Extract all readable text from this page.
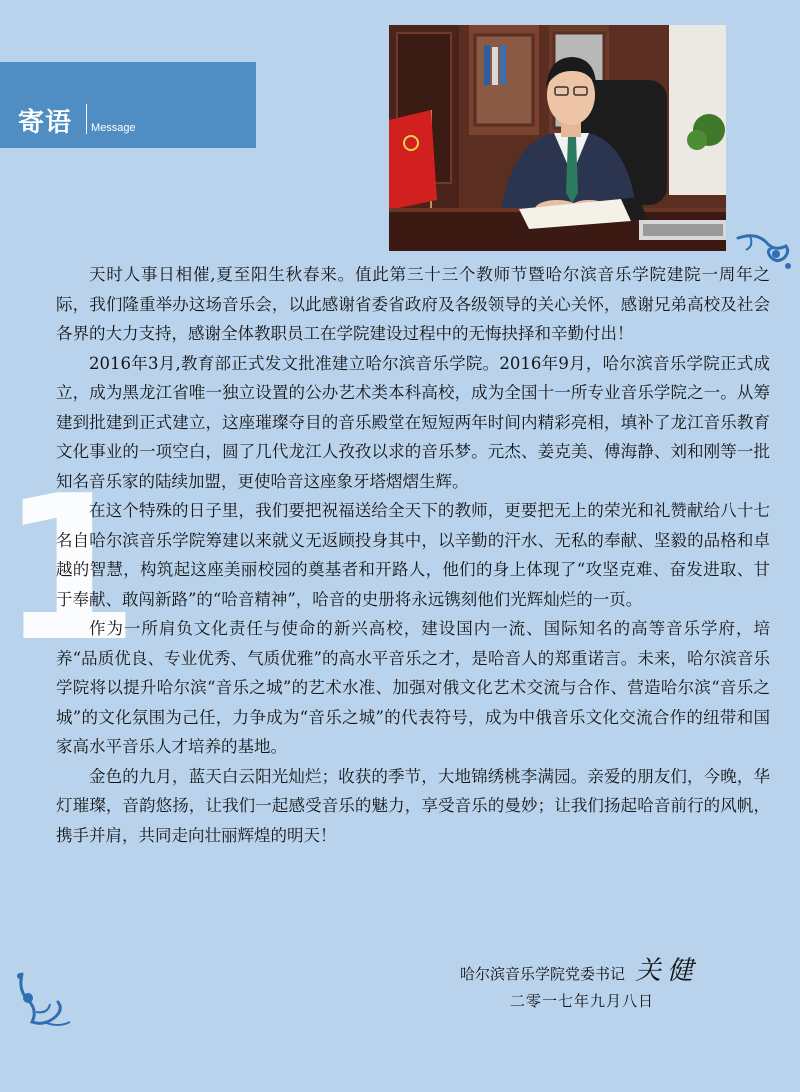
寄语 Message
1

天时人事日相催,夏至阳生秋春来。值此第三十三个教师节暨哈尔滨音乐学院建院一周年之际，我们隆重举办这场音乐会，以此感谢省委省政府及各级领导的关心关怀，感谢兄弟高校及社会各界的大力支持，感谢全体教职员工在学院建设过程中的无悔抉择和辛勤付出！

2016年3月,教育部正式发文批准建立哈尔滨音乐学院。2016年9月，哈尔滨音乐学院正式成立，成为黑龙江省唯一独立设置的公办艺术类本科高校，成为全国十一所专业音乐学院之一。从筹建到批建到正式建立，这座璀璨夺目的音乐殿堂在短短两年时间内精彩亮相，填补了龙江音乐教育文化事业的一项空白，圆了几代龙江人孜孜以求的音乐梦。元杰、姜克美、傅海静、刘和刚等一批知名音乐家的陆续加盟，更使哈音这座象牙塔熠熠生辉。

在这个特殊的日子里，我们要把祝福送给全天下的教师，更要把无上的荣光和礼赞献给八十七名自哈尔滨音乐学院筹建以来就义无返顾投身其中，以辛勤的汗水、无私的奉献、坚毅的品格和卓越的智慧，构筑起这座美丽校园的奠基者和开路人，他们的身上体现了“攻坚克难、奋发进取、甘于奉献、敢闯新路”的“哈音精神”，哈音的史册将永远镌刻他们光辉灿烂的一页。

作为一所肩负文化责任与使命的新兴高校，建设国内一流、国际知名的高等音乐学府，培养“品质优良、专业优秀、气质优雅”的高水平音乐之才，是哈音人的郑重诺言。未来，哈尔滨音乐学院将以提升哈尔滨“音乐之城”的艺术水准、加强对俄文化艺术交流与合作、营造哈尔滨“音乐之城”的文化氛围为己任，力争成为“音乐之城”的代表符号，成为中俄音乐文化交流合作的纽带和国家高水平音乐人才培养的基地。

金色的九月，蓝天白云阳光灿烂；收获的季节，大地锦绣桃李满园。亲爱的朋友们，今晚，华灯璀璨，音韵悠扬，让我们一起感受音乐的魅力，享受音乐的曼妙；让我们扬起哈音前行的风帆，携手并肩，共同走向壮丽辉煌的明天！

哈尔滨音乐学院党委书记 关健
二零一七年九月八日
